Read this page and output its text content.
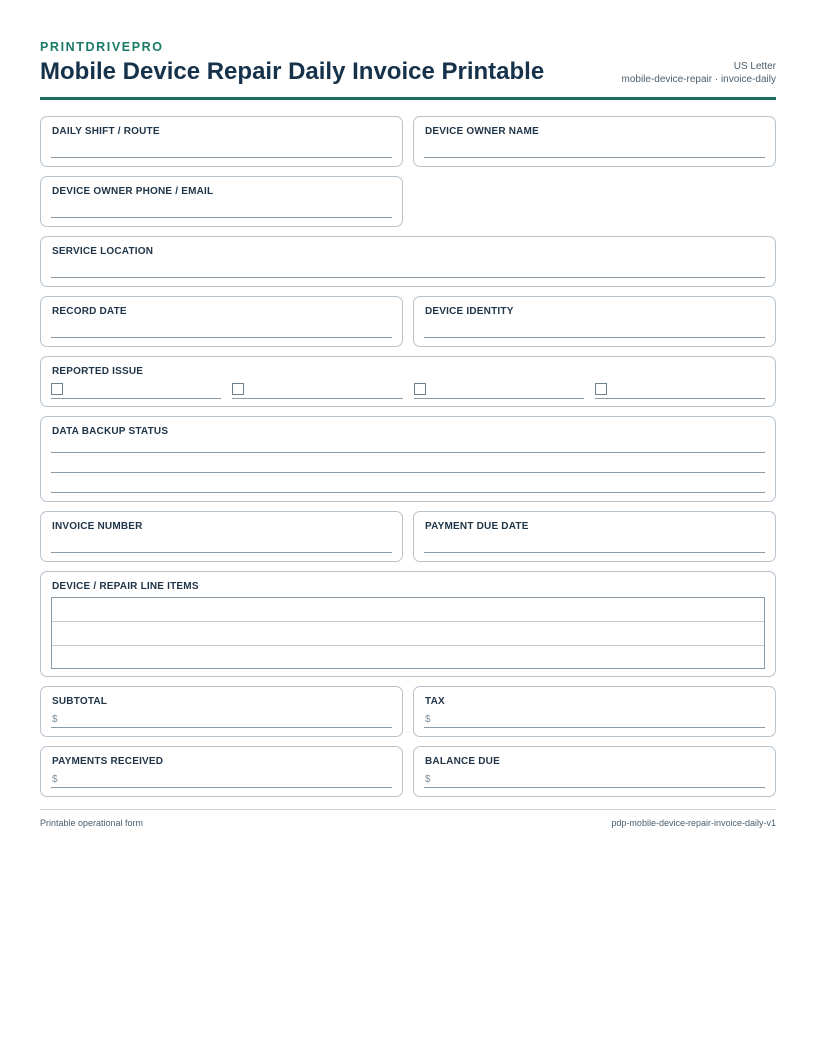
PRINTDRIVEPRO
Mobile Device Repair Daily Invoice Printable	US Letter
mobile-device-repair · invoice-daily
DAILY SHIFT / ROUTE	DEVICE OWNER NAME
DEVICE OWNER PHONE / EMAIL
SERVICE LOCATION
RECORD DATE	DEVICE IDENTITY
REPORTED ISSUE
DATA BACKUP STATUS
INVOICE NUMBER	PAYMENT DUE DATE
DEVICE / REPAIR LINE ITEMS
SUBTOTAL
$
TAX
$
PAYMENTS RECEIVED
$
BALANCE DUE
$
Printable operational form	pdp-mobile-device-repair-invoice-daily-v1
